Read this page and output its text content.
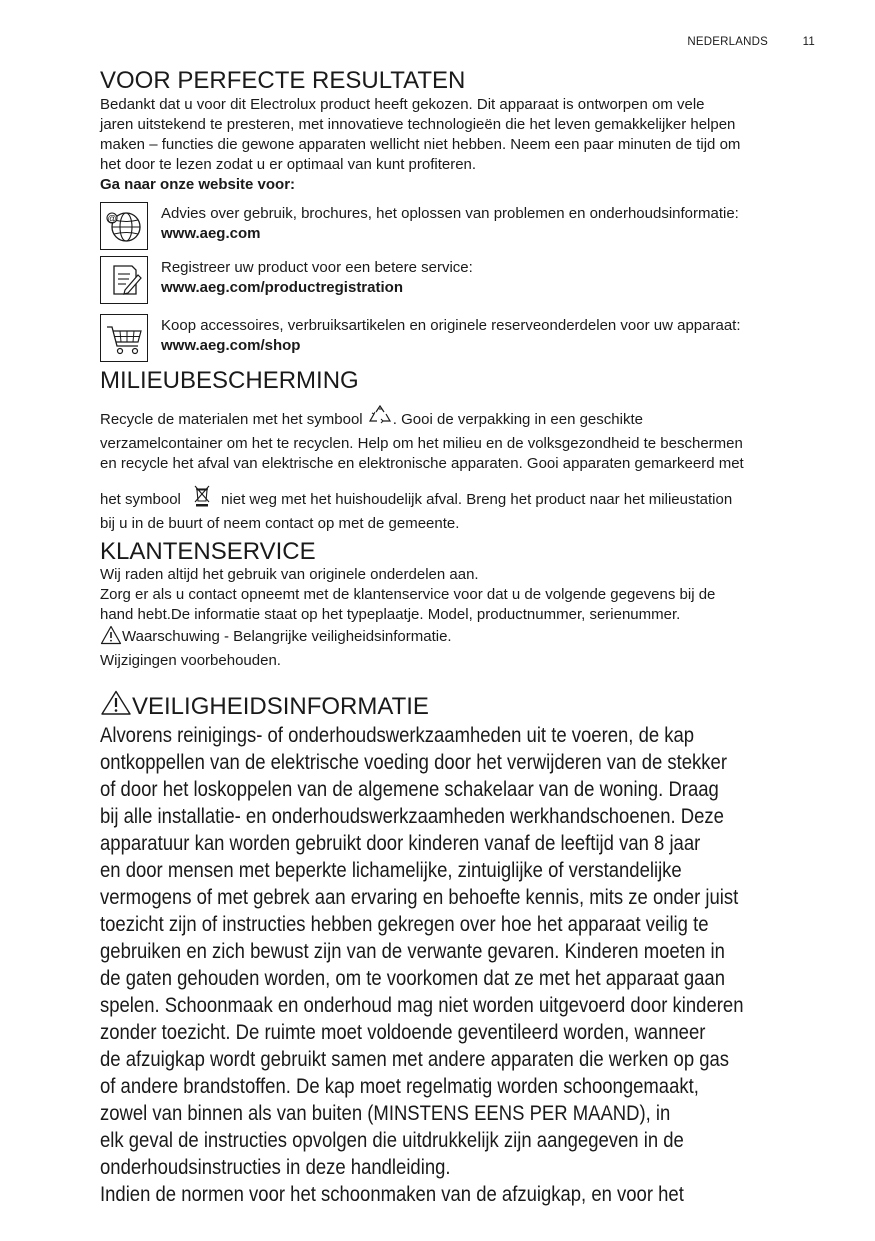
NEDERLANDS	11
VOOR PERFECTE RESULTATEN
Bedankt dat u voor dit Electrolux product heeft gekozen. Dit apparaat is ontworpen om vele
jaren uitstekend te presteren, met innovatieve technologieën die het leven gemakkelijker helpen
maken – functies die gewone apparaten wellicht niet hebben. Neem een paar minuten de tijd om
het door te lezen zodat u er optimaal van kunt profiteren.
Ga naar onze website voor:
@	Advies over gebruik, brochures, het oplossen van problemen en onderhoudsinformatie:
www.aeg.com
Registreer uw product voor een betere service:
www.aeg.com/productregistration
Koop accessoires, verbruiksartikelen en originele reserveonderdelen voor uw apparaat:
www.aeg.com/shop
MILIEUBESCHERMING
Recycle de materialen met het symbool . Gooi de verpakking in een geschikte
verzamelcontainer om het te recyclen. Help om het milieu en de volksgezondheid te beschermen
en recycle het afval van elektrische en elektronische apparaten. Gooi apparaten gemarkeerd met
het symbool	niet weg met het huishoudelijk afval. Breng het product naar het milieustation
bij u in de buurt of neem contact op met de gemeente.
KLANTENSERVICE
Wij raden altijd het gebruik van originele onderdelen aan.
Zorg er als u contact opneemt met de klantenservice voor dat u de volgende gegevens bij de
hand hebt.De informatie staat op het typeplaatje. Model, productnummer, serienummer.
Waarschuwing - Belangrijke veiligheidsinformatie.
Wijzigingen voorbehouden.
VEILIGHEIDSINFORMATIE
Alvorens reinigings- of onderhoudswerkzaamheden uit te voeren, de kap
ontkoppellen van de elektrische voeding door het verwijderen van de stekker
of door het loskoppelen van de algemene schakelaar van de woning. Draag
bij alle installatie- en onderhoudswerkzaamheden werkhandschoenen. Deze
apparatuur kan worden gebruikt door kinderen vanaf de leeftijd van 8 jaar
en door mensen met beperkte lichamelijke, zintuiglijke of verstandelijke
vermogens of met gebrek aan ervaring en behoefte kennis, mits ze onder juist
toezicht zijn of instructies hebben gekregen over hoe het apparaat veilig te
gebruiken en zich bewust zijn van de verwante gevaren. Kinderen moeten in
de gaten gehouden worden, om te voorkomen dat ze met het apparaat gaan
spelen. Schoonmaak en onderhoud mag niet worden uitgevoerd door kinderen
zonder toezicht. De ruimte moet voldoende geventileerd worden, wanneer
de afzuigkap wordt gebruikt samen met andere apparaten die werken op gas
of andere brandstoffen. De kap moet regelmatig worden schoongemaakt,
zowel van binnen als van buiten (MINSTENS EENS PER MAAND), in
elk geval de instructies opvolgen die uitdrukkelijk zijn aangegeven in de
onderhoudsinstructies in deze handleiding.
Indien de normen voor het schoonmaken van de afzuigkap, en voor het
